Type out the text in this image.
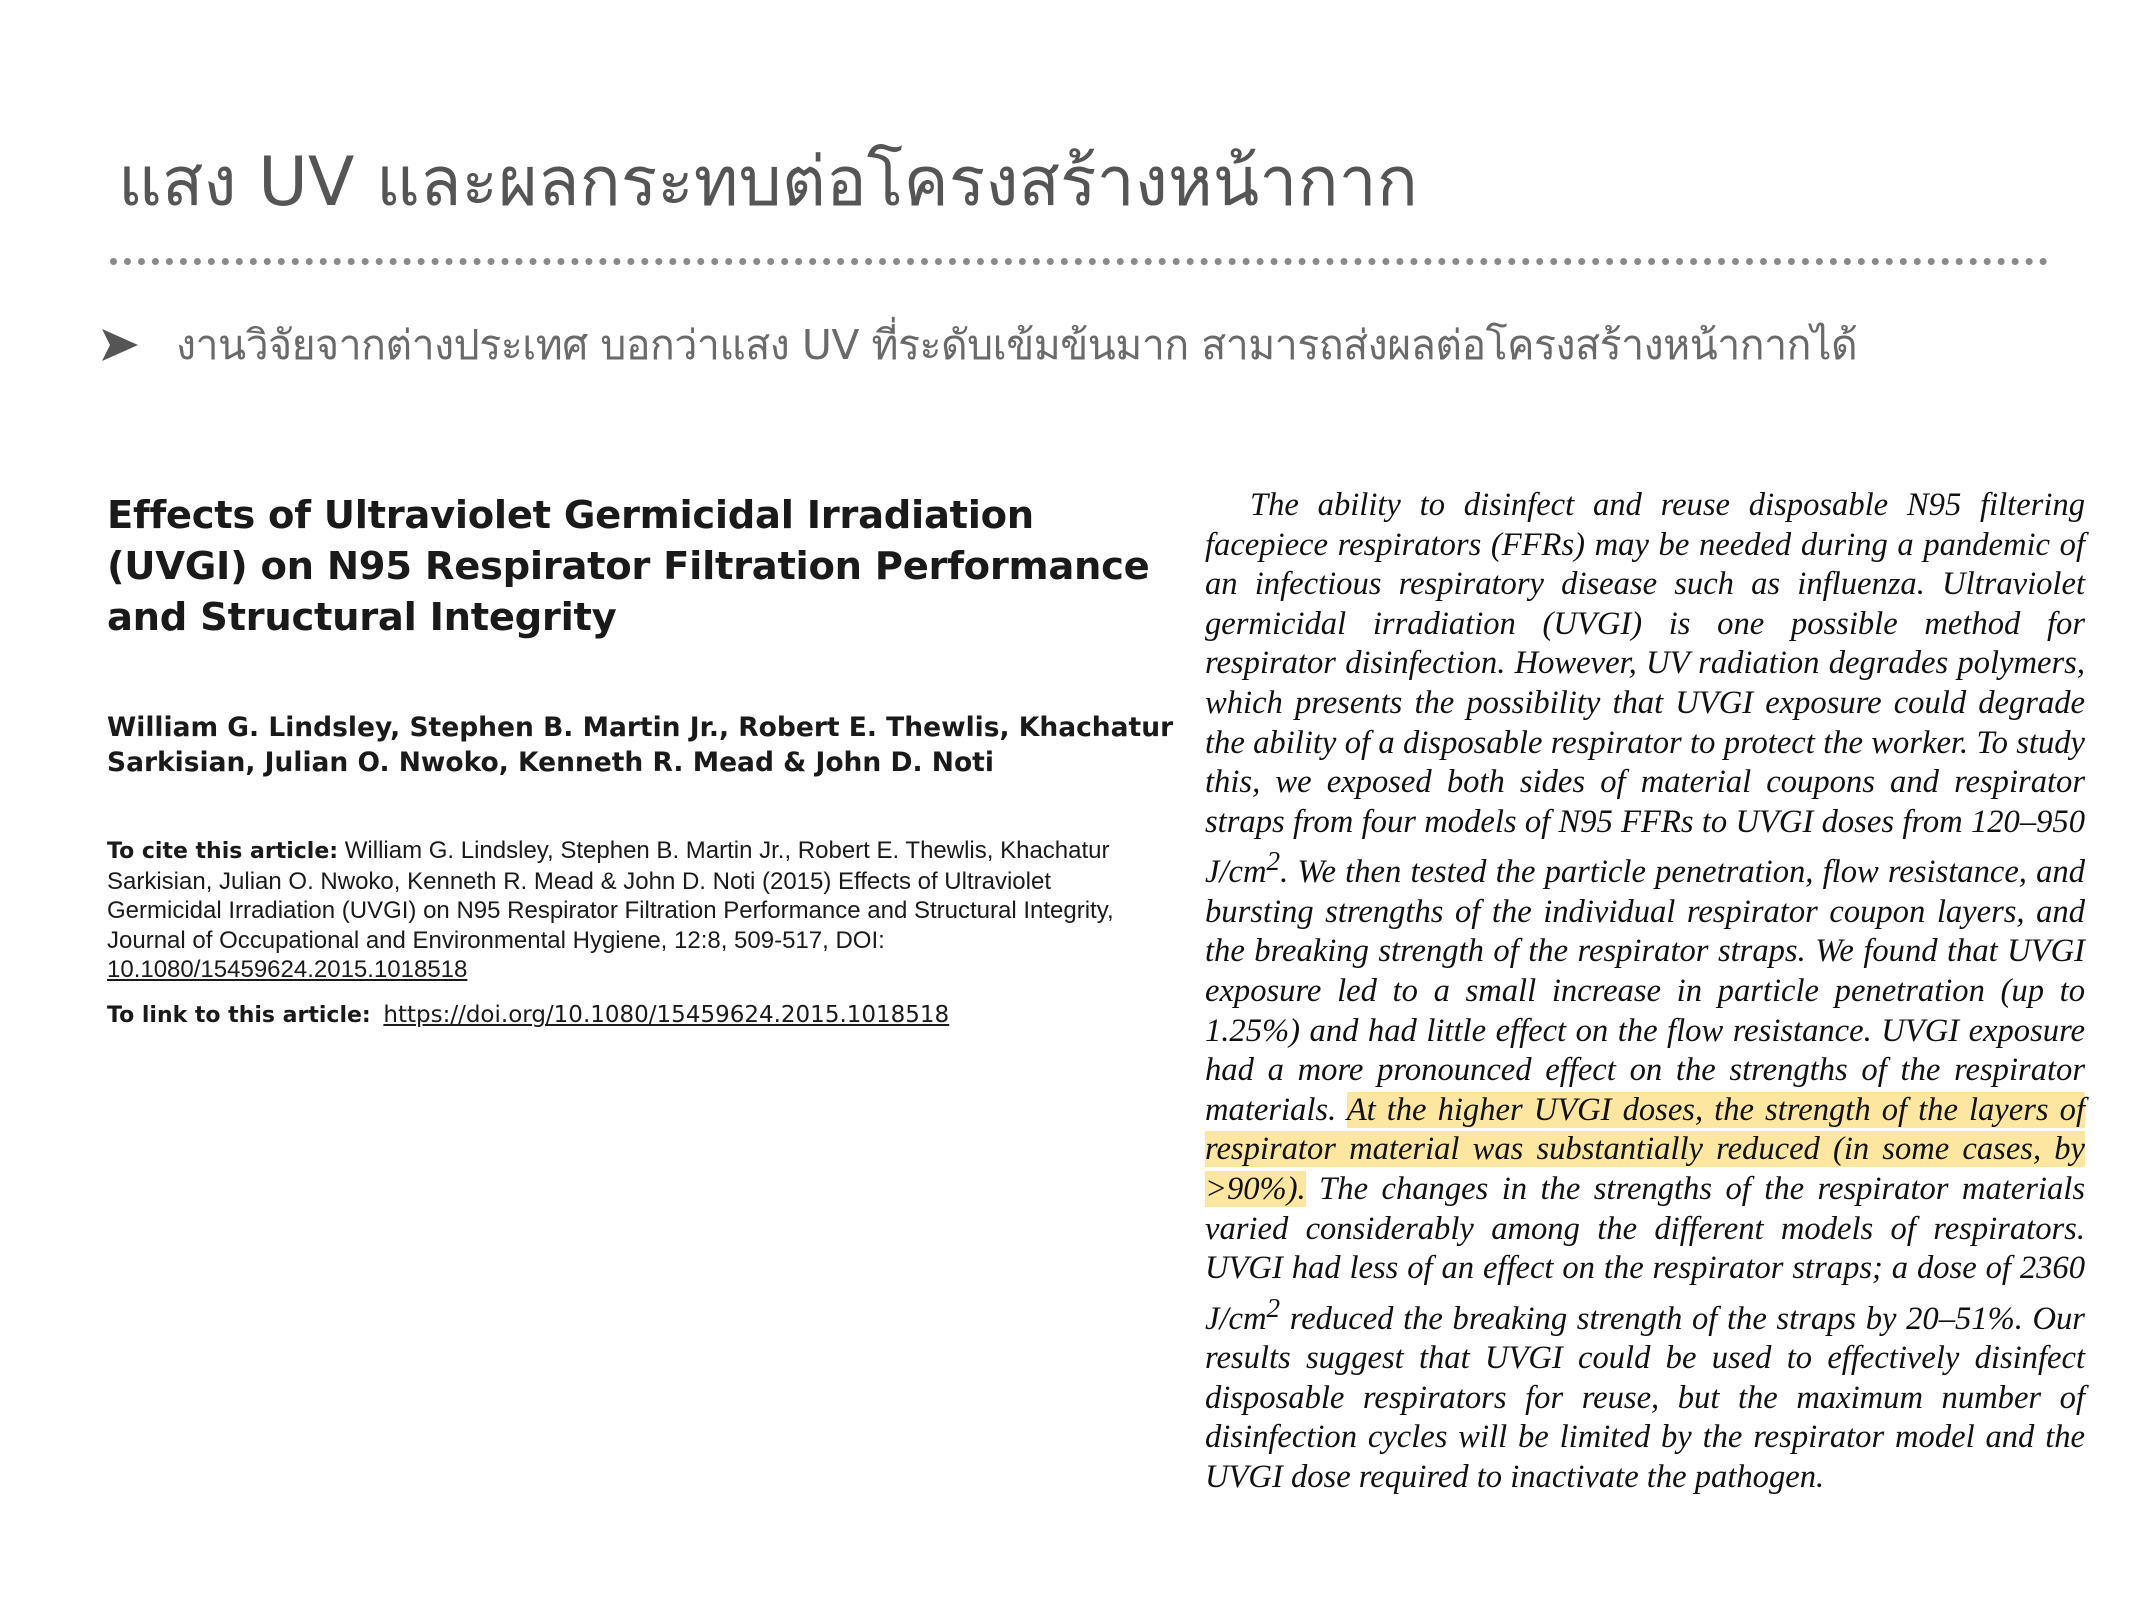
แสง UV และผลกระทบต่อโครงสร้างหน้ากาก
งานวิจัยจากต่างประเทศ บอกว่าแสง UV ที่ระดับเข้มข้นมาก สามารถส่งผลต่อโครงสร้างหน้ากากได้
Effects of Ultraviolet Germicidal Irradiation (UVGI) on N95 Respirator Filtration Performance and Structural Integrity
William G. Lindsley, Stephen B. Martin Jr., Robert E. Thewlis, Khachatur Sarkisian, Julian O. Nwoko, Kenneth R. Mead & John D. Noti
To cite this article: William G. Lindsley, Stephen B. Martin Jr., Robert E. Thewlis, Khachatur Sarkisian, Julian O. Nwoko, Kenneth R. Mead & John D. Noti (2015) Effects of Ultraviolet Germicidal Irradiation (UVGI) on N95 Respirator Filtration Performance and Structural Integrity, Journal of Occupational and Environmental Hygiene, 12:8, 509-517, DOI: 10.1080/15459624.2015.1018518
To link to this article: https://doi.org/10.1080/15459624.2015.1018518

The ability to disinfect and reuse disposable N95 filtering facepiece respirators (FFRs) may be needed during a pandemic of an infectious respiratory disease such as influenza. Ultraviolet germicidal irradiation (UVGI) is one possible method for respirator disinfection. However, UV radiation degrades polymers, which presents the possibility that UVGI exposure could degrade the ability of a disposable respirator to protect the worker. To study this, we exposed both sides of material coupons and respirator straps from four models of N95 FFRs to UVGI doses from 120–950 $J/cm^2$. We then tested the particle penetration, flow resistance, and bursting strengths of the individual respirator coupon layers, and the breaking strength of the respirator straps. We found that UVGI exposure led to a small increase in particle penetration (up to 1.25%) and had little effect on the flow resistance. UVGI exposure had a more pronounced effect on the strengths of the respirator materials. At the higher UVGI doses, the strength of the layers of respirator material was substantially reduced (in some cases, by >90%). The changes in the strengths of the respirator materials varied considerably among the different models of respirators. UVGI had less of an effect on the respirator straps; a dose of 2360 $J/cm^2$ reduced the breaking strength of the straps by 20–51%. Our results suggest that UVGI could be used to effectively disinfect disposable respirators for reuse, but the maximum number of disinfection cycles will be limited by the respirator model and the UVGI dose required to inactivate the pathogen.
